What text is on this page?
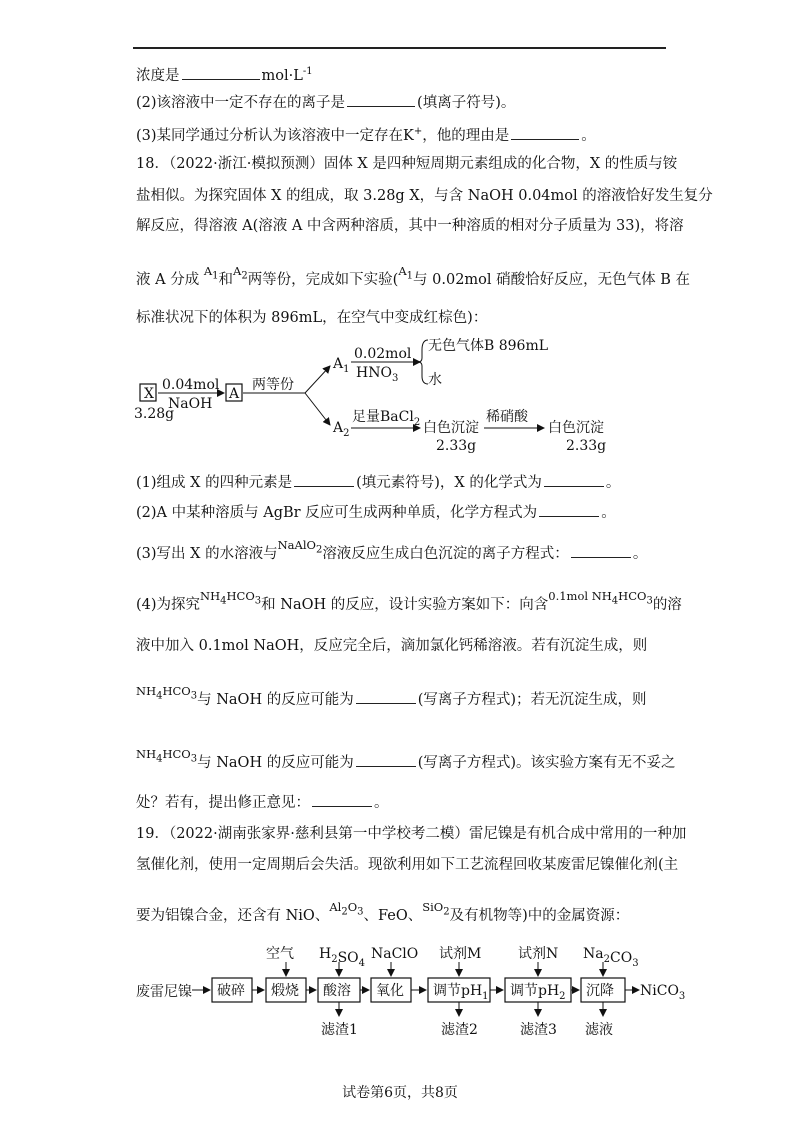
浓度是	$mol\cdot L^{-1}$
(2)该溶液中一定不存在的离子是	(填离子符号)。
(3)某同学通过分析认为该溶液中一定存在K+，他的理由是	。
18．（2022·浙江·模拟预测）固体 X 是四种短周期元素组成的化合物，X 的性质与铵
盐相似。为探究固体 X 的组成，取 3.28g X，与含 NaOH 0.04mol 的溶液恰好发生复分
解反应，得溶液 A(溶液 A 中含两种溶质，其中一种溶质的相对分子质量为 33)，将溶
液 A 分成 $^{A_1}$和$^{A_2}$两等份，完成如下实验($^{A_1}$与 0.02mol 硝酸恰好反应，无色气体 B 在
标准状况下的体积为 896mL，在空气中变成红棕色)：
X
3.28g
0.04mol
NaOH
A
两等份
$A_1$
0.02mol
$HNO_3$
无色气体B 896mL
水
$A_2$
足量BaCl$_2$ 白色沉淀
2.33g
稀硝酸
白色沉淀
2.33g
(1)组成 X 的四种元素是	(填元素符号)，X 的化学式为	。
(2)A 中某种溶质与 AgBr 反应可生成两种单质，化学方程式为	。
(3)写出 X 的水溶液与$^{NaAlO_2}$溶液反应生成白色沉淀的离子方程式：	。
(4)为探究$^{NH_4HCO_3}$和 NaOH 的反应，设计实验方案如下：向含$^{0.1mol NH_4HCO_3}$的溶
液中加入 0.1mol NaOH，反应完全后，滴加氯化钙稀溶液。若有沉淀生成，则
$^{NH_4HCO_3}$与 NaOH 的反应可能为	(写离子方程式)；若无沉淀生成，则
$^{NH_4HCO_3}$与 NaOH 的反应可能为	(写离子方程式)。该实验方案有无不妥之
处？若有，提出修正意见：	。
19．（2022·湖南张家界·慈利县第一中学校考二模）雷尼镍是有机合成中常用的一种加
氢催化剂，使用一定周期后会失活。现欲利用如下工艺流程回收某废雷尼镍催化剂(主
要为铝镍合金，还含有 NiO、$^{Al_2O_3}$、FeO、$^{SiO_2}$及有机物等)中的金属资源：
废雷尼镍 破碎 煅烧
空气
酸溶
$H_2SO_4$
滤渣1
氧化
NaClO
调节$pH_1$
试剂M
滤渣2
调节$pH_2$
试剂N
滤渣3
沉降
$Na_2CO_3$
滤液
NiCO$_3$
试卷第6页，共8页
